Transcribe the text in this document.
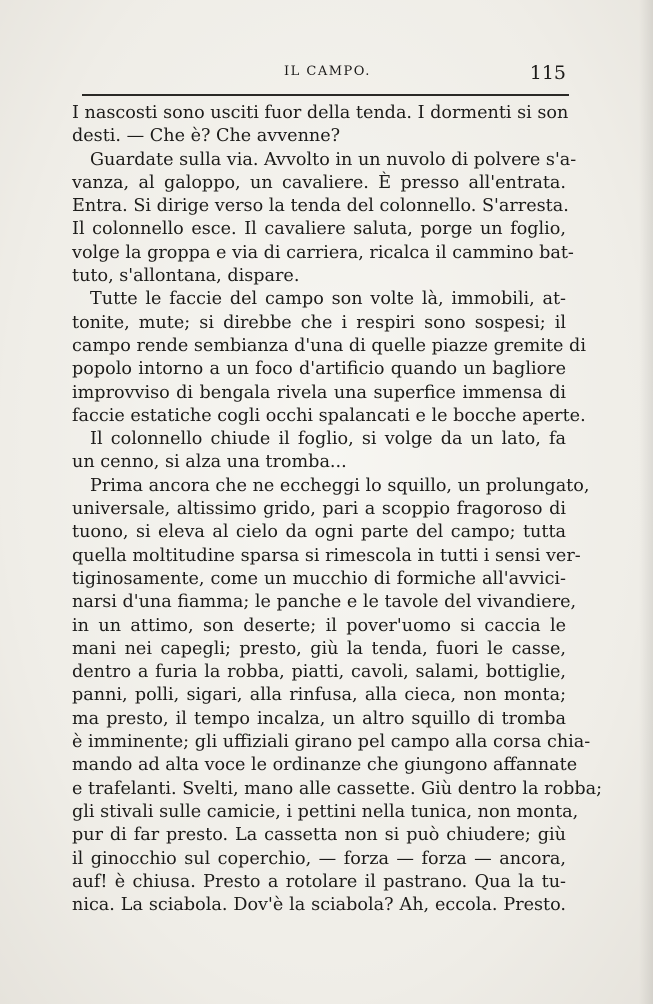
IL CAMPO.	115
I nascosti sono usciti fuor della tenda. I dormenti si son
desti. — Che è? Che avvenne?
Guardate sulla via. Avvolto in un nuvolo di polvere s'a-
vanza, al galoppo, un cavaliere. È presso all'entrata.
Entra. Si dirige verso la tenda del colonnello. S'arresta.
Il colonnello esce. Il cavaliere saluta, porge un foglio,
volge la groppa e via di carriera, ricalca il cammino bat-
tuto, s'allontana, dispare.
Tutte le faccie del campo son volte là, immobili, at-
tonite, mute; si direbbe che i respiri sono sospesi; il
campo rende sembianza d'una di quelle piazze gremite di
popolo intorno a un foco d'artificio quando un bagliore
improvviso di bengala rivela una superfice immensa di
faccie estatiche cogli occhi spalancati e le bocche aperte.
Il colonnello chiude il foglio, si volge da un lato, fa
un cenno, si alza una tromba...
Prima ancora che ne eccheggi lo squillo, un prolungato,
universale, altissimo grido, pari a scoppio fragoroso di
tuono, si eleva al cielo da ogni parte del campo; tutta
quella moltitudine sparsa si rimescola in tutti i sensi ver-
tiginosamente, come un mucchio di formiche all'avvici-
narsi d'una fiamma; le panche e le tavole del vivandiere,
in un attimo, son deserte; il pover'uomo si caccia le
mani nei capegli; presto, giù la tenda, fuori le casse,
dentro a furia la robba, piatti, cavoli, salami, bottiglie,
panni, polli, sigari, alla rinfusa, alla cieca, non monta;
ma presto, il tempo incalza, un altro squillo di tromba
è imminente; gli uffiziali girano pel campo alla corsa chia-
mando ad alta voce le ordinanze che giungono affannate
e trafelanti. Svelti, mano alle cassette. Giù dentro la robba;
gli stivali sulle camicie, i pettini nella tunica, non monta,
pur di far presto. La cassetta non si può chiudere; giù
il ginocchio sul coperchio, — forza — forza — ancora,
auf! è chiusa. Presto a rotolare il pastrano. Qua la tu-
nica. La sciabola. Dov'è la sciabola? Ah, eccola. Presto.
